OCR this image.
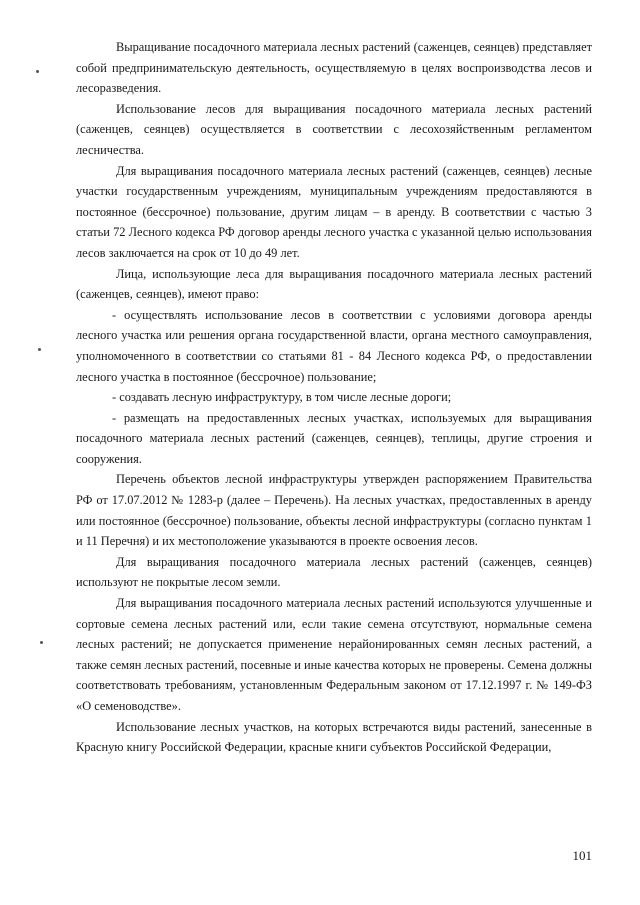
Выращивание посадочного материала лесных растений (саженцев, сеянцев) представляет собой предпринимательскую деятельность, осуществляемую в целях воспроизводства лесов и лесоразведения.

Использование лесов для выращивания посадочного материала лесных растений (саженцев, сеянцев) осуществляется в соответствии с лесохозяйственным регламентом лесничества.

Для выращивания посадочного материала лесных растений (саженцев, сеянцев) лесные участки государственным учреждениям, муниципальным учреждениям предоставляются в постоянное (бессрочное) пользование, другим лицам – в аренду. В соответствии с частью 3 статьи 72 Лесного кодекса РФ договор аренды лесного участка с указанной целью использования лесов заключается на срок от 10 до 49 лет.

Лица, использующие леса для выращивания посадочного материала лесных растений (саженцев, сеянцев), имеют право:

- осуществлять использование лесов в соответствии с условиями договора аренды лесного участка или решения органа государственной власти, органа местного самоуправления, уполномоченного в соответствии со статьями 81 - 84 Лесного кодекса РФ, о предоставлении лесного участка в постоянное (бессрочное) пользование;

- создавать лесную инфраструктуру, в том числе лесные дороги;

- размещать на предоставленных лесных участках, используемых для выращивания посадочного материала лесных растений (саженцев, сеянцев), теплицы, другие строения и сооружения.

Перечень объектов лесной инфраструктуры утвержден распоряжением Правительства РФ от 17.07.2012 № 1283-р (далее – Перечень). На лесных участках, предоставленных в аренду или постоянное (бессрочное) пользование, объекты лесной инфраструктуры (согласно пунктам 1 и 11 Перечня) и их местоположение указываются в проекте освоения лесов.

Для выращивания посадочного материала лесных растений (саженцев, сеянцев) используют не покрытые лесом земли.

Для выращивания посадочного материала лесных растений используются улучшенные и сортовые семена лесных растений или, если такие семена отсутствуют, нормальные семена лесных растений; не допускается применение нерайонированных семян лесных растений, а также семян лесных растений, посевные и иные качества которых не проверены. Семена должны соответствовать требованиям, установленным Федеральным законом от 17.12.1997 г. № 149-ФЗ «О семеноводстве».

Использование лесных участков, на которых встречаются виды растений, занесенные в Красную книгу Российской Федерации, красные книги субъектов Российской Федерации,

101
